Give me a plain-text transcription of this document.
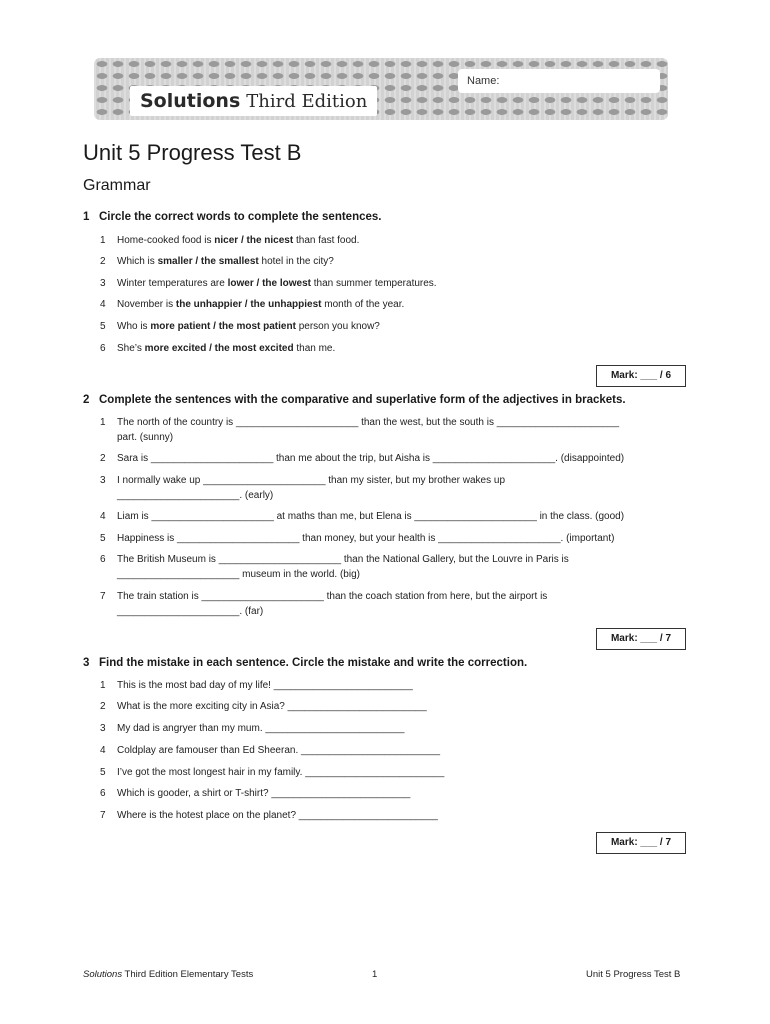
Solutions Third Edition
Name:
Unit 5 Progress Test B
Grammar

1 Circle the correct words to complete the sentences.

1 Home-cooked food is nicer / the nicest than fast food.
2 Which is smaller / the smallest hotel in the city?
3 Winter temperatures are lower / the lowest than summer temperatures.
4 November is the unhappier / the unhappiest month of the year.
5 Who is more patient / the most patient person you know?
6 She’s more excited / the most excited than me.
Mark: ___ / 6

2 Complete the sentences with the comparative and superlative form of the adjectives in brackets.

1 The north of the country is ______________________ than the west, but the south is ______________________
part. (sunny)
2 Sara is ______________________ than me about the trip, but Aisha is ______________________. (disappointed)
3 I normally wake up ______________________ than my sister, but my brother wakes up
______________________. (early)
4 Liam is ______________________ at maths than me, but Elena is ______________________ in the class. (good)
5 Happiness is ______________________ than money, but your health is ______________________. (important)
6 The British Museum is ______________________ than the National Gallery, but the Louvre in Paris is
______________________ museum in the world. (big)
7 The train station is ______________________ than the coach station from here, but the airport is
______________________. (far)
Mark: ___ / 7

3 Find the mistake in each sentence. Circle the mistake and write the correction.

1 This is the most bad day of my life! _________________________
2 What is the more exciting city in Asia? _________________________
3 My dad is angryer than my mum. _________________________
4 Coldplay are famouser than Ed Sheeran. _________________________
5 I’ve got the most longest hair in my family. _________________________
6 Which is gooder, a shirt or T-shirt? _________________________
7 Where is the hotest place on the planet? _________________________
Mark: ___ / 7
Solutions Third Edition Elementary Tests	1	Unit 5 Progress Test B
